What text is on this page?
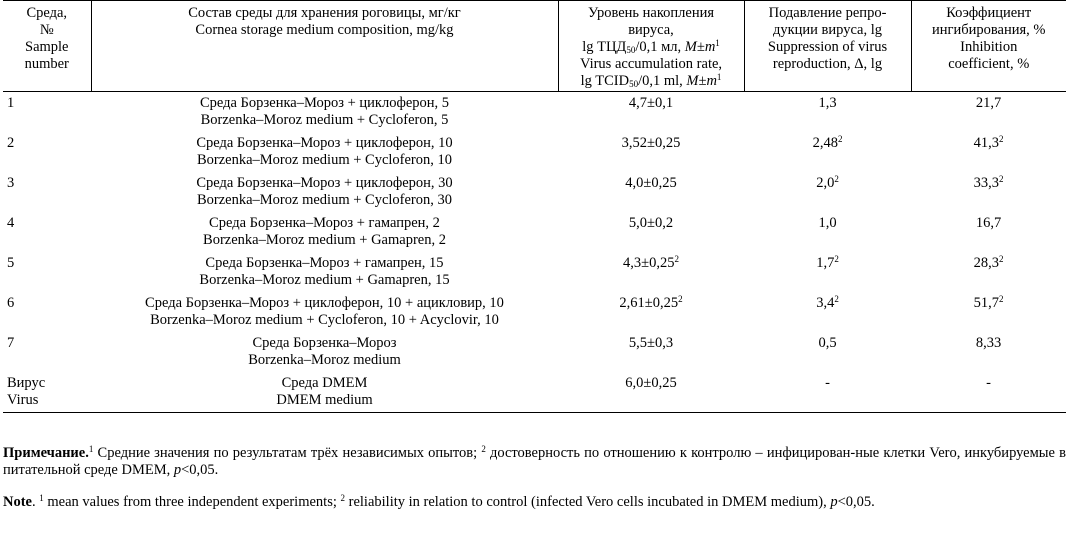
Среда,
№
Sample
number	Состав среды для хранения роговицы, мг/кг
Cornea storage medium composition, mg/kg	Уровень накопления
вируса,
$\lg ТЦД_{50}/0,1$ мл, $M\pm m^1$
Virus accumulation rate,
$\lg TCID_{50}/0,1$ ml, $M\pm m^1$	Подавление репро-
дукции вируса, lg
Suppression of virus
reproduction, Δ, lg	Коэффициент
ингибирования, %
Inhibition
coefficient, %

1	Среда Борзенка–Мороз + циклоферон, 5
Borzenka–Moroz medium + Cycloferon, 5	4,7±0,1	1,3	21,7
2	Среда Борзенка–Мороз + циклоферон, 10
Borzenka–Moroz medium + Cycloferon, 10	3,52±0,25	2,48$^2$	41,3$^2$
3	Среда Борзенка–Мороз + циклоферон, 30
Borzenka–Moroz medium + Cycloferon, 30	4,0±0,25	$2,0^2$	33,3$^2$
4	Среда Борзенка–Мороз + гамапрен, 2
Borzenka–Moroz medium + Gamapren, 2	5,0±0,2	1,0	16,7
5	Среда Борзенка–Мороз + гамапрен, 15
Borzenka–Moroz medium + Gamapren, 15	$4,3\pm 0,25^2$	$1,7^2$	28,3$^2$
6	Среда Борзенка–Мороз + циклоферон, 10 + ацикловир, 10
Borzenka–Moroz medium + Cycloferon, 10 + Acyclovir, 10	$2,61\pm 0,25^2$	$3,4^2$	51,7$^2$
7	Среда Борзенка–Мороз
Borzenka–Moroz medium	5,5±0,3	0,5	8,33

Вирус
Virus	Среда DMEM
DMEM medium	6,0±0,25	-	-
Примечание.$^1$ Средние значения по результатам трёх независимых опытов; $^2$ достоверность по отношению к контролю – инфицирован-ные клетки Vero, инкубируемые в питательной среде DMEM, p<0,05.
Note. $^1$ mean values from three independent experiments; $^2$ reliability in relation to control (infected Vero cells incubated in DMEM medium), p<0,05.
